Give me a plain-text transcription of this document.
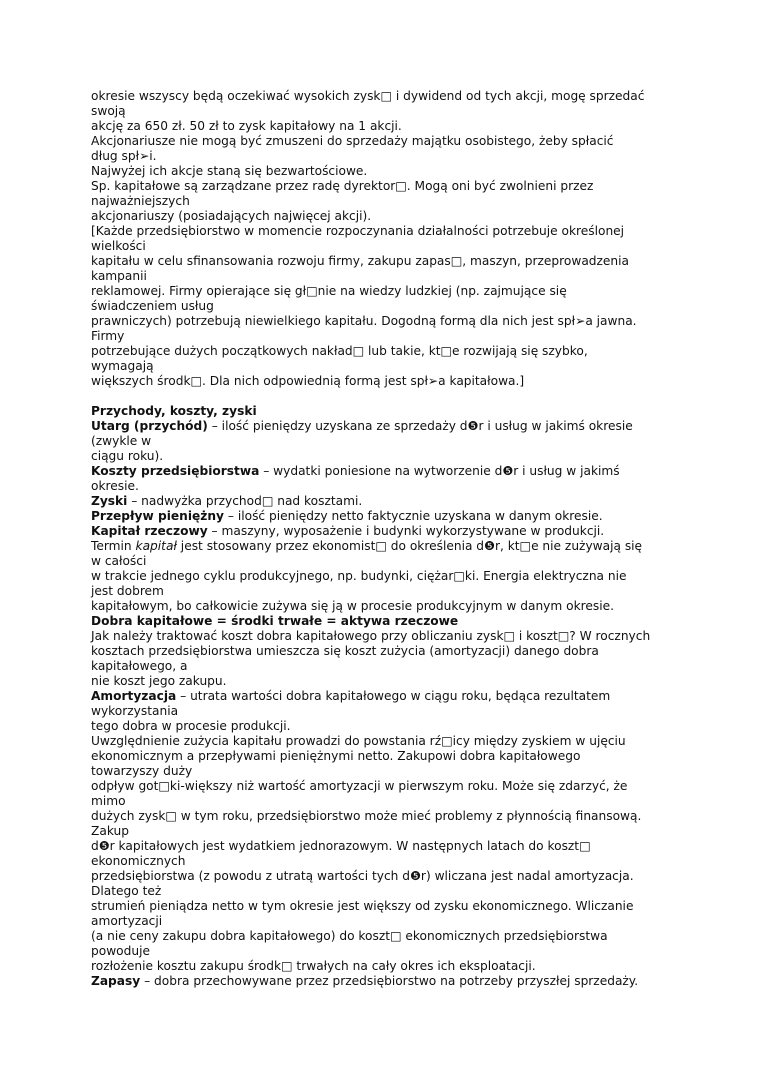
okresie wszyscy będą oczekiwać wysokich zysk□ i dywidend od tych akcji, mogę sprzedać
swoją
akcję za 650 zł. 50 zł to zysk kapitałowy na 1 akcji.
Akcjonariusze nie mogą być zmuszeni do sprzedaży majątku osobistego, żeby spłacić
dług spł➢i.
Najwyżej ich akcje staną się bezwartościowe.
Sp. kapitałowe są zarządzane przez radę dyrektor□. Mogą oni być zwolnieni przez
najważniejszych
akcjonariuszy (posiadających najwięcej akcji).
[Każde przedsiębiorstwo w momencie rozpoczynania działalności potrzebuje określonej
wielkości
kapitału w celu sfinansowania rozwoju firmy, zakupu zapas□, maszyn, przeprowadzenia
kampanii
reklamowej. Firmy opierające się gł□nie na wiedzy ludzkiej (np. zajmujące się
świadczeniem usług
prawniczych) potrzebują niewielkiego kapitału. Dogodną formą dla nich jest spł➢a jawna.
Firmy
potrzebujące dużych początkowych nakład□ lub takie, kt□e rozwijają się szybko,
wymagają
większych środk□. Dla nich odpowiednią formą jest spł➢a kapitałowa.]
Przychody, koszty, zyski
Utarg (przychód) – ilość pieniędzy uzyskana ze sprzedaży d❺r i usług w jakimś okresie
(zwykle w
ciągu roku).
Koszty przedsiębiorstwa – wydatki poniesione na wytworzenie d❺r i usług w jakimś
okresie.
Zyski – nadwyżka przychod□ nad kosztami.
Przepływ pieniężny – ilość pieniędzy netto faktycznie uzyskana w danym okresie.
Kapitał rzeczowy – maszyny, wyposażenie i budynki wykorzystywane w produkcji.
Termin kapitał jest stosowany przez ekonomist□ do określenia d❺r, kt□e nie zużywają się
w całości
w trakcie jednego cyklu produkcyjnego, np. budynki, ciężar□ki. Energia elektryczna nie
jest dobrem
kapitałowym, bo całkowicie zużywa się ją w procesie produkcyjnym w danym okresie.
Dobra kapitałowe = środki trwałe = aktywa rzeczowe
Jak należy traktować koszt dobra kapitałowego przy obliczaniu zysk□ i koszt□? W rocznych
kosztach przedsiębiorstwa umieszcza się koszt zużycia (amortyzacji) danego dobra
kapitałowego, a
nie koszt jego zakupu.
Amortyzacja – utrata wartości dobra kapitałowego w ciągu roku, będąca rezultatem
wykorzystania
tego dobra w procesie produkcji.
Uwzględnienie zużycia kapitału prowadzi do powstania rź□icy między zyskiem w ujęciu
ekonomicznym a przepływami pieniężnymi netto. Zakupowi dobra kapitałowego
towarzyszy duży
odpływ got□ki-większy niż wartość amortyzacji w pierwszym roku. Może się zdarzyć, że
mimo
dużych zysk□ w tym roku, przedsiębiorstwo może mieć problemy z płynnością finansową.
Zakup
d❺r kapitałowych jest wydatkiem jednorazowym. W następnych latach do koszt□
ekonomicznych
przedsiębiorstwa (z powodu z utratą wartości tych d❺r) wliczana jest nadal amortyzacja.
Dlatego też
strumień pieniądza netto w tym okresie jest większy od zysku ekonomicznego. Wliczanie
amortyzacji
(a nie ceny zakupu dobra kapitałowego) do koszt□ ekonomicznych przedsiębiorstwa
powoduje
rozłożenie kosztu zakupu środk□ trwałych na cały okres ich eksploatacji.
Zapasy – dobra przechowywane przez przedsiębiorstwo na potrzeby przyszłej sprzedaży.
